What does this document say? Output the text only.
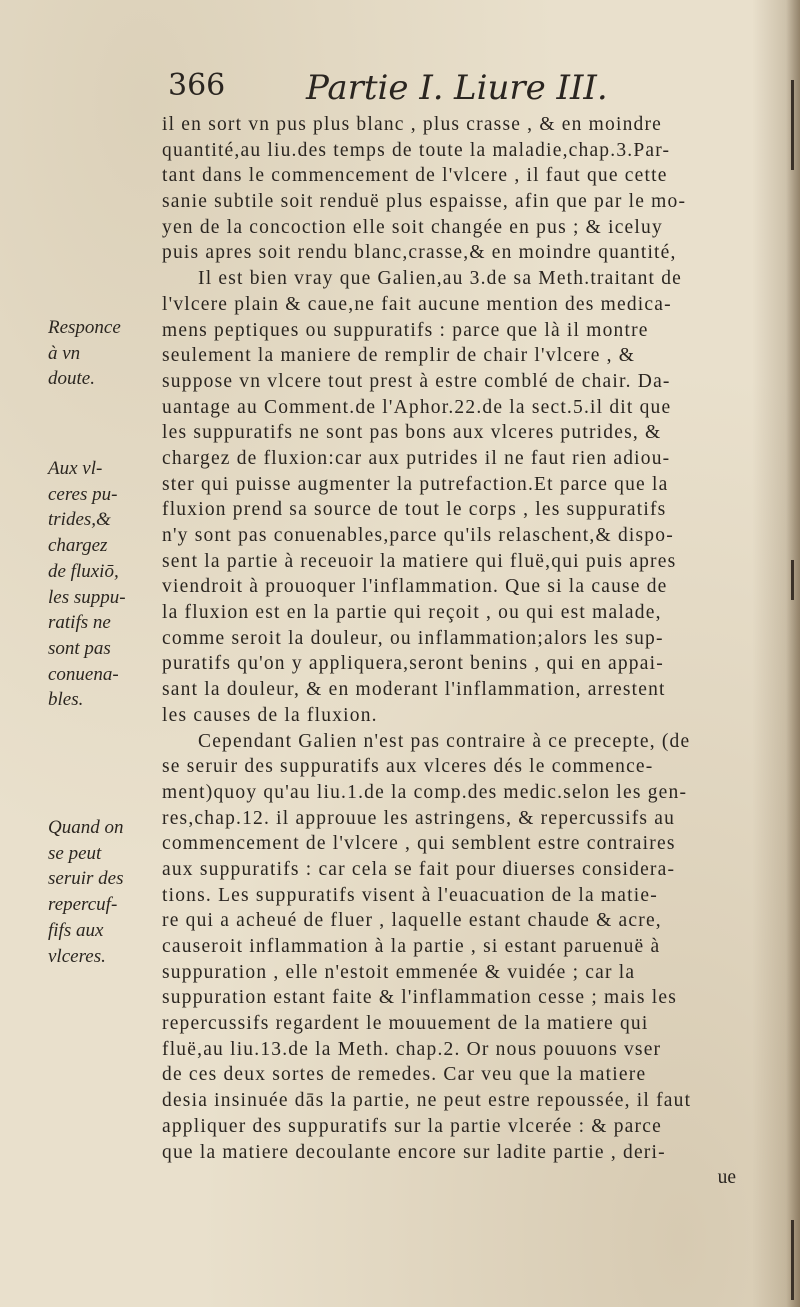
366 Partie I. Liure III.
Responce
à vn
doute.
Aux vl-
ceres pu-
trides,&
chargez
de fluxiō,
les suppu-
ratifs ne
sont pas
conuena-
bles.
Quand on
se peut
seruir des
repercuf-
fifs aux
vlceres.
il en sort vn pus plus blanc , plus crasse , & en moindre
quantité,au liu.des temps de toute la maladie,chap.3.Par-
tant dans le commencement de l'vlcere , il faut que cette
sanie subtile soit renduë plus espaisse, afin que par le mo-
yen de la concoction elle soit changée en pus ; & iceluy
puis apres soit rendu blanc,crasse,& en moindre quantité,
Il est bien vray que Galien,au 3.de sa Meth.traitant de
l'vlcere plain & caue,ne fait aucune mention des medica-
mens peptiques ou suppuratifs : parce que là il montre
seulement la maniere de remplir de chair l'vlcere , &
suppose vn vlcere tout prest à estre comblé de chair. Da-
uantage au Comment.de l'Aphor.22.de la sect.5.il dit que
les suppuratifs ne sont pas bons aux vlceres putrides, &
chargez de fluxion:car aux putrides il ne faut rien adiou-
ster qui puisse augmenter la putrefaction.Et parce que la
fluxion prend sa source de tout le corps , les suppuratifs
n'y sont pas conuenables,parce qu'ils relaschent,& dispo-
sent la partie à receuoir la matiere qui fluë,qui puis apres
viendroit à prouoquer l'inflammation. Que si la cause de
la fluxion est en la partie qui reçoit , ou qui est malade,
comme seroit la douleur, ou inflammation;alors les sup-
puratifs qu'on y appliquera,seront benins , qui en appai-
sant la douleur, & en moderant l'inflammation, arrestent
les causes de la fluxion.
Cependant Galien n'est pas contraire à ce precepte, (de
se seruir des suppuratifs aux vlceres dés le commence-
ment)quoy qu'au liu.1.de la comp.des medic.selon les gen-
res,chap.12. il approuue les astringens, & repercussifs au
commencement de l'vlcere , qui semblent estre contraires
aux suppuratifs : car cela se fait pour diuerses considera-
tions. Les suppuratifs visent à l'euacuation de la matie-
re qui a acheué de fluer , laquelle estant chaude & acre,
causeroit inflammation à la partie , si estant paruenuë à
suppuration , elle n'estoit emmenée & vuidée ; car la
suppuration estant faite & l'inflammation cesse ; mais les
repercussifs regardent le mouuement de la matiere qui
fluë,au liu.13.de la Meth. chap.2. Or nous pouuons vser
de ces deux sortes de remedes. Car veu que la matiere
desia insinuée dās la partie, ne peut estre repoussée, il faut
appliquer des suppuratifs sur la partie vlcerée : & parce
que la matiere decoulante encore sur ladite partie , deri-
ue
